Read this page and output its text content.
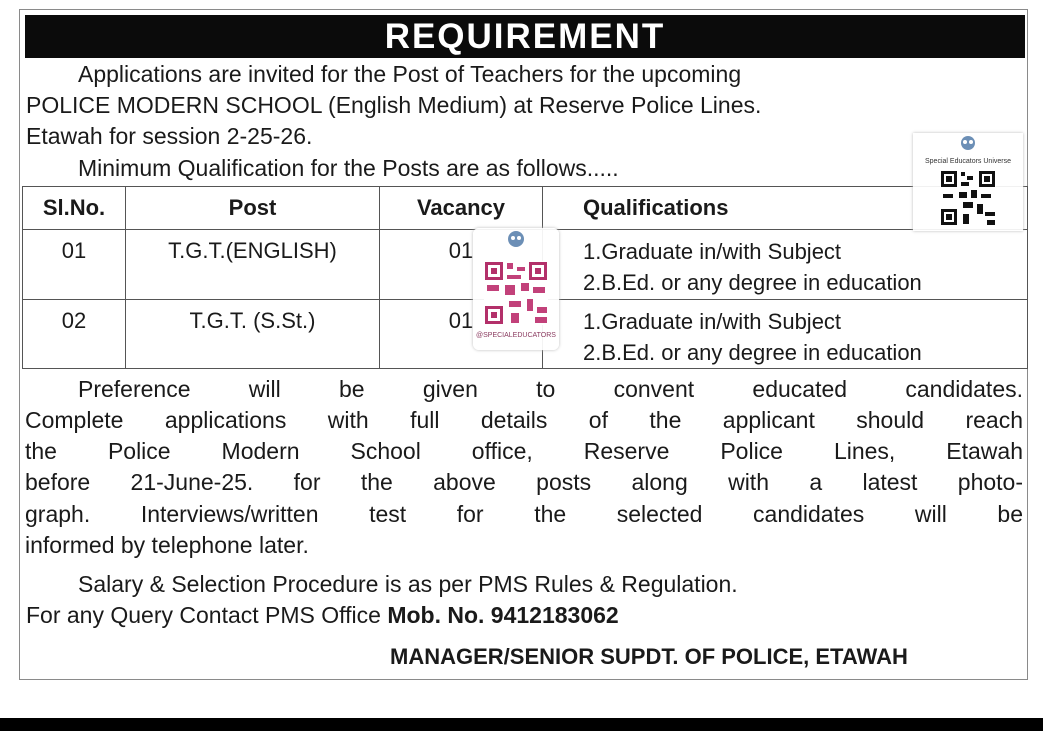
REQUIREMENT
Applications are invited for the Post of Teachers for the upcoming
POLICE MODERN SCHOOL (English Medium) at Reserve Police Lines.
Etawah for session 2-25-26.
Minimum Qualification for the Posts are as follows.....
Sl.No.	Post	Vacancy	Qualifications
01	T.G.T.(ENGLISH)	01	1.Graduate in/with Subject
2.B.Ed. or any degree in education

02	T.G.T. (S.St.)	01	1.Graduate in/with Subject
2.B.Ed. or any degree in education
Preference will be given to convent educated candidates.
Complete applications with full details of the applicant should reach
the Police Modern School office, Reserve Police Lines, Etawah
before 21-June-25. for the above posts along with a latest photo-
graph. Interviews/written test for the selected candidates will be
informed by telephone later.
Salary & Selection Procedure is as per PMS Rules & Regulation.
For any Query Contact PMS Office Mob. No. 9412183062
MANAGER/SENIOR SUPDT. OF POLICE, ETAWAH
Special Educators Universe

@SPECIALEDUCATORS
